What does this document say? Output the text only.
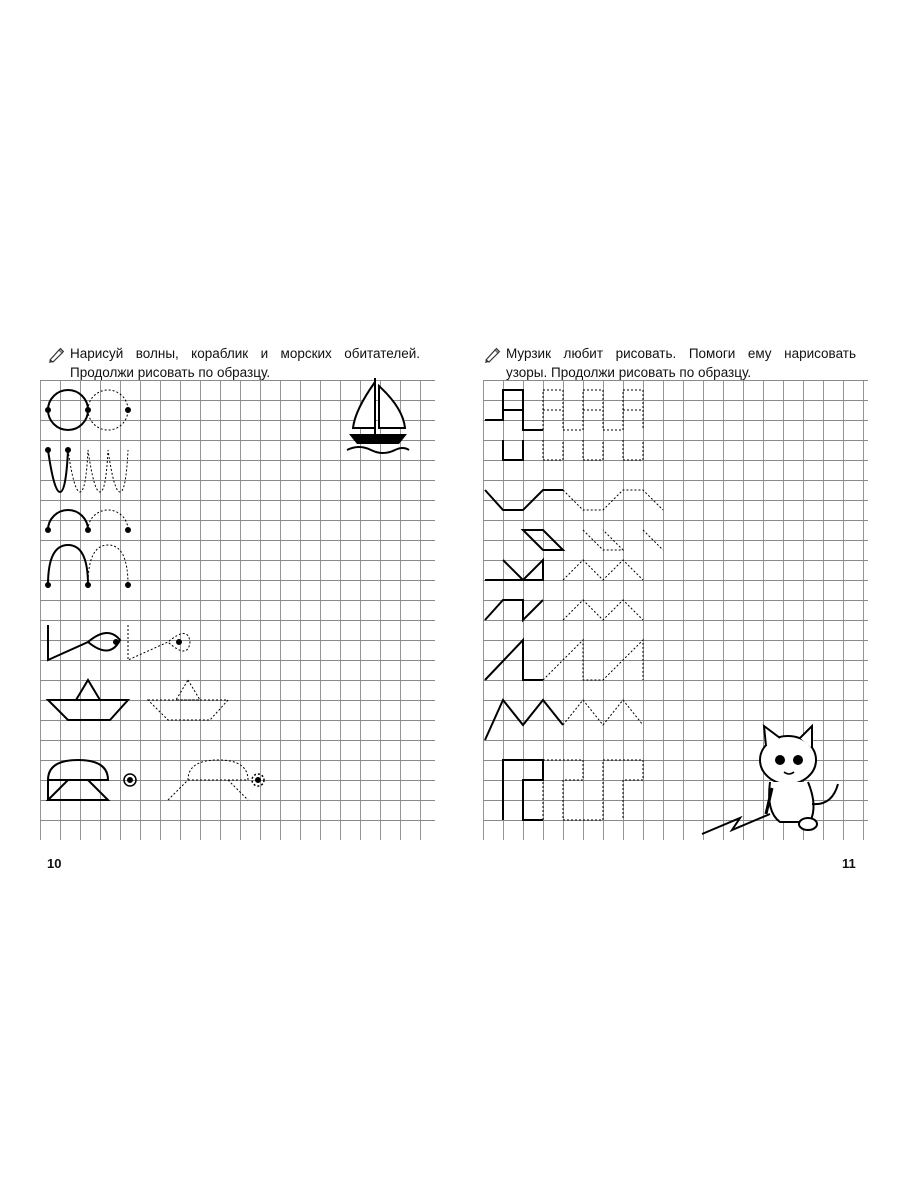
Нарисуй волны, кораблик и морских обитателей.
Продолжи рисовать по образцу.
10
Мурзик любит рисовать. Помоги ему нарисовать
узоры. Продолжи рисовать по образцу.
11
